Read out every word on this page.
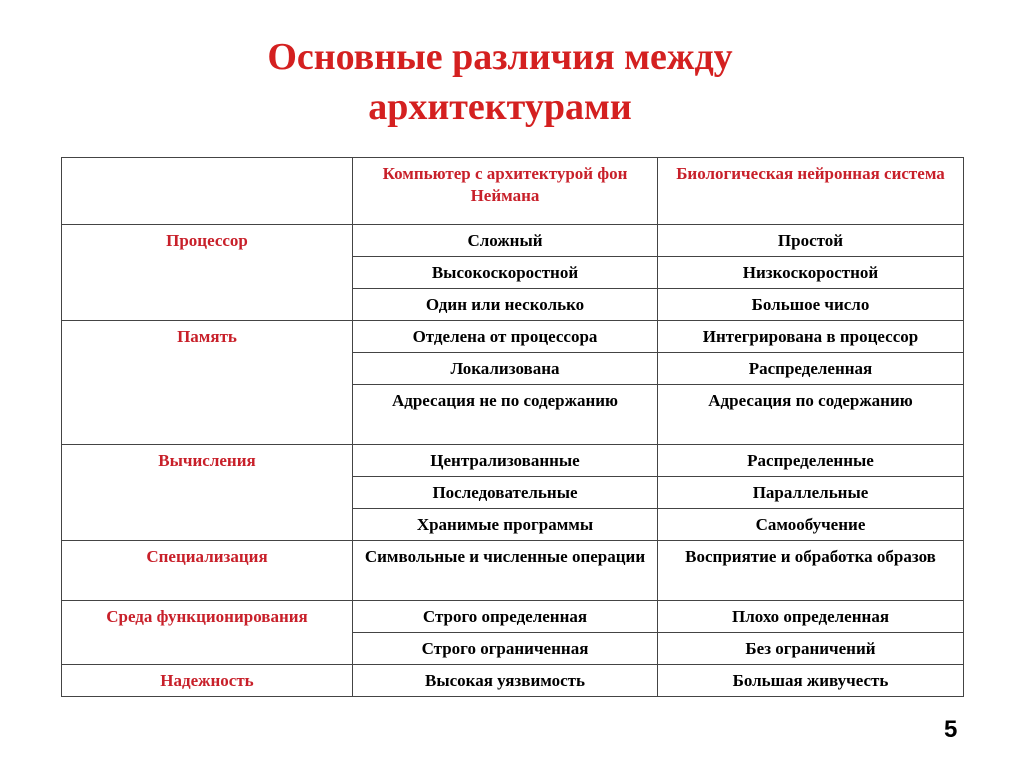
Основные различия между
архитектурами
	Компьютер с архитектурой фон Неймана	Биологическая нейронная система
Процессор	Сложный	Простой
	Высокоскоростной	Низкоскоростной
	Один или несколько	Большое число
Память	Отделена от процессора	Интегрирована в процессор
	Локализована	Распределенная
	Адресация не по содержанию	Адресация по содержанию
Вычисления	Централизованные	Распределенные
	Последовательные	Параллельные
	Хранимые программы	Самообучение
Специализация	Символьные и численные операции	Восприятие и обработка образов
Среда функционирования	Строго определенная	Плохо определенная
	Строго ограниченная	Без ограничений
Надежность	Высокая уязвимость	Большая живучесть
5
